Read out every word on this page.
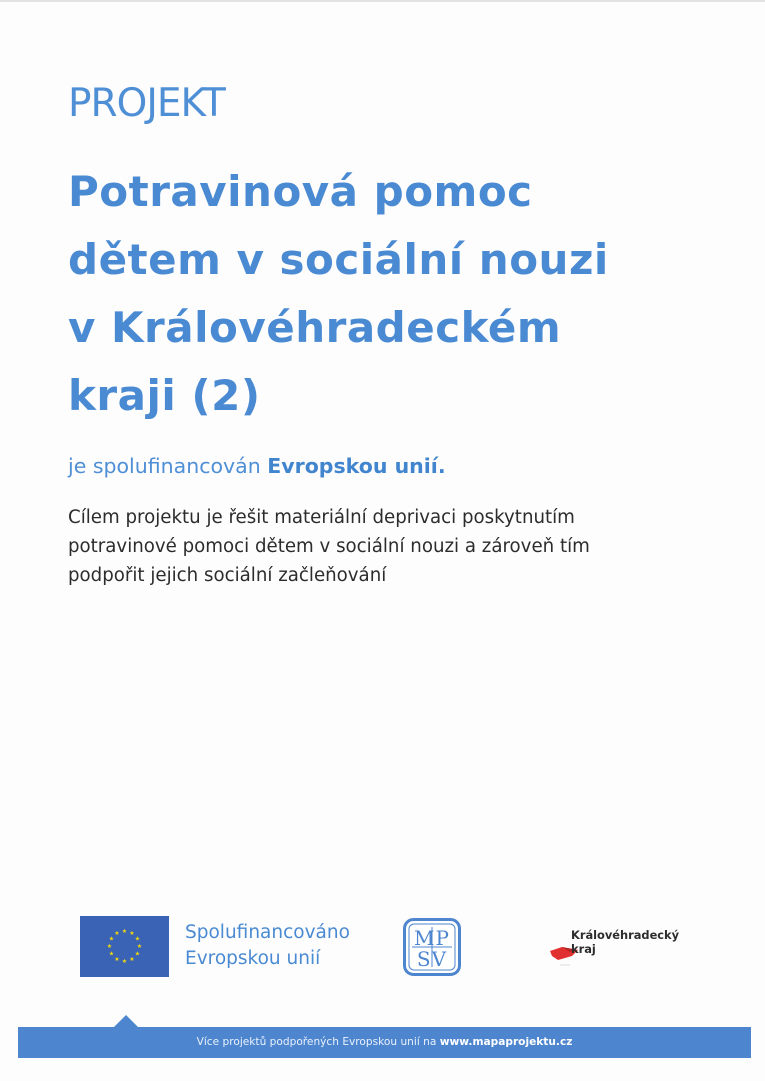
PROJEKT
Potravinová pomoc
dětem v sociální nouzi
v Královéhradeckém
kraji (2)

je spolufinancován Evropskou unií.

Cílem projektu je řešit materiální deprivaci poskytnutím
potravinové pomoci dětem v sociální nouzi a zároveň tím
podpořit jejich sociální začleňování

★ ★
★
★
★
★
★
★
★
★
★
★	Spolufinancováno
Evropskou unií
MP
SV
Královéhradecký
kraj
Více projektů podpořených Evropskou unií na www.mapaprojektu.cz
